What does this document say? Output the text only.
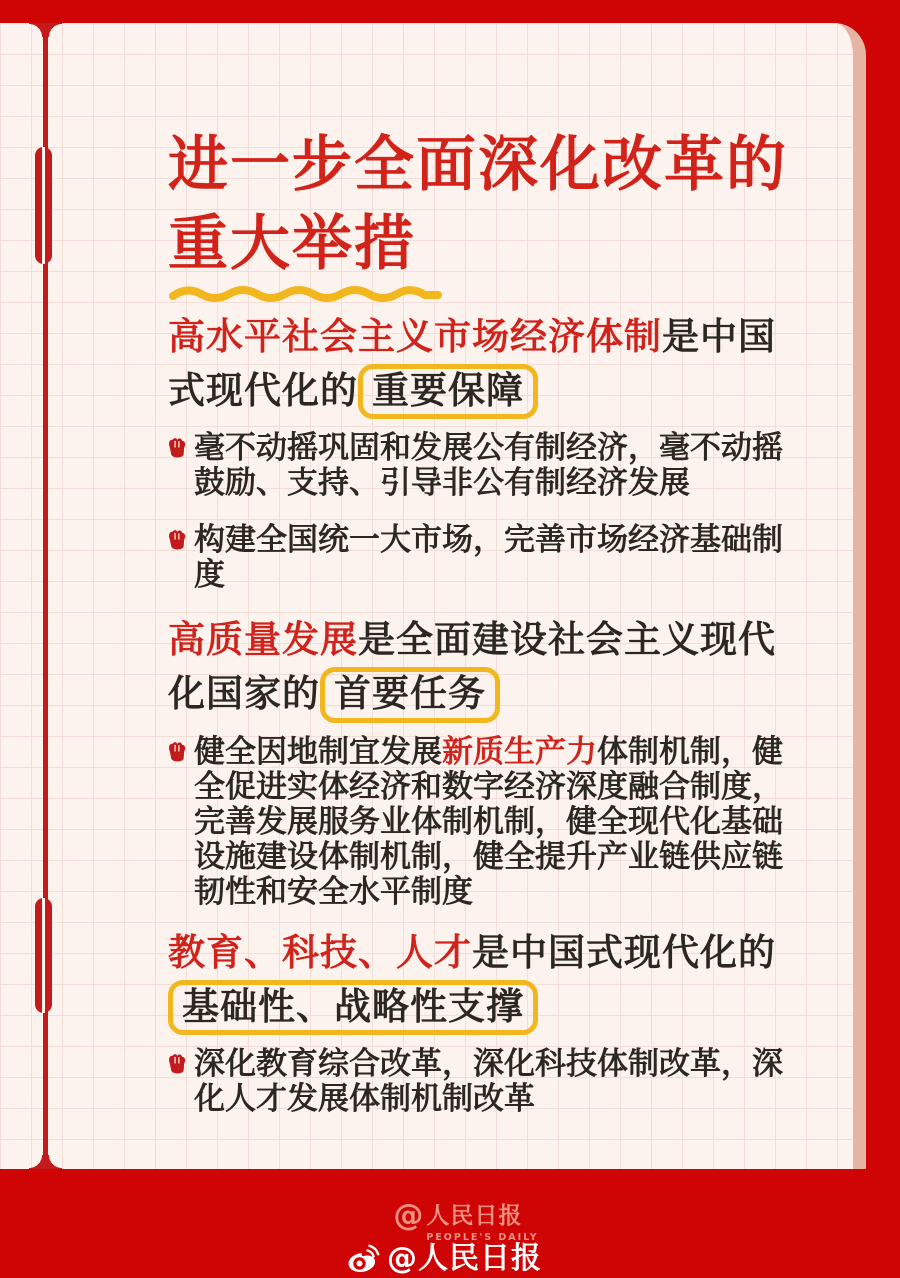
进一步全面深化改革的
重大举措
高水平社会主义市场经济体制是中国式现代化的 重要保障

毫不动摇巩固和发展公有制经济，毫不动摇鼓励、支持、引导非公有制经济发展

构建全国统一大市场，完善市场经济基础制度

高质量发展是全面建设社会主义现代化国家的 首要任务

健全因地制宜发展新质生产力体制机制，健全促进实体经济和数字经济深度融合制度，完善发展服务业体制机制，健全现代化基础设施建设体制机制，健全提升产业链供应链韧性和安全水平制度

教育、科技、人才是中国式现代化的基础性、战略性支撑

深化教育综合改革，深化科技体制改革，深化人才发展体制机制改革

@ 人民日报
PEOPLE'S DAILY
@人民日报
